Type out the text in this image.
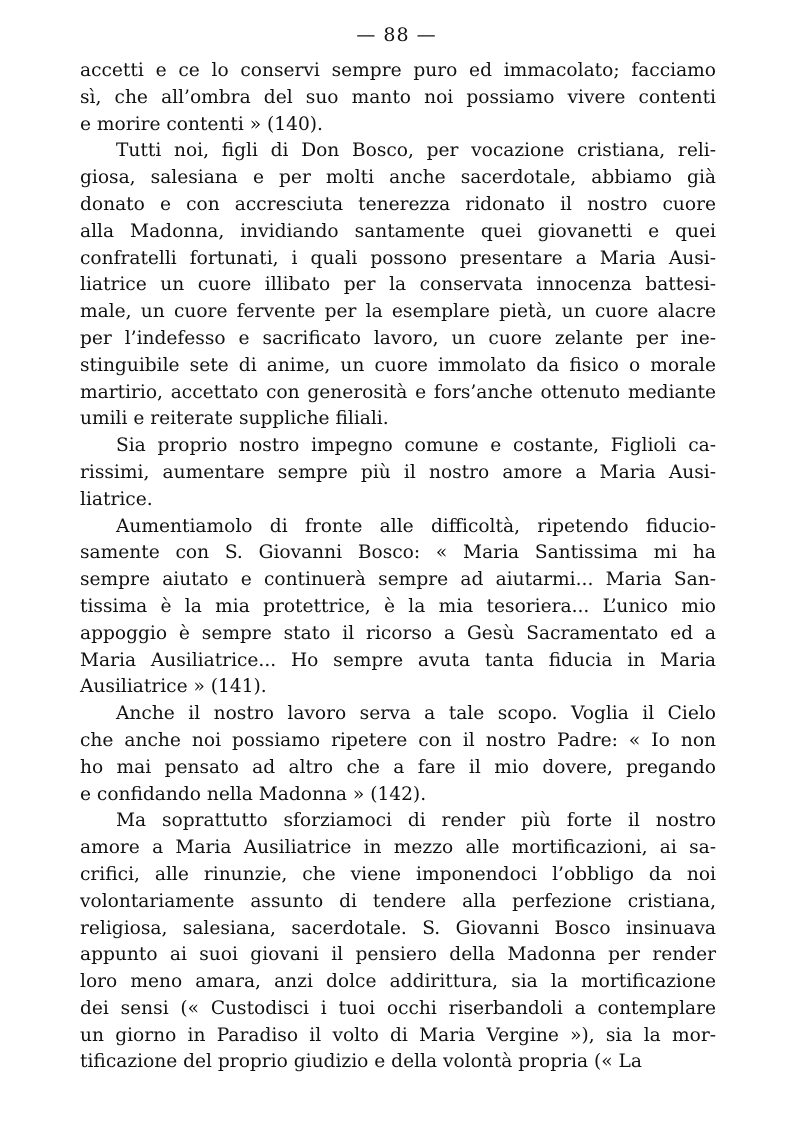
— 88 —
accetti e ce lo conservi sempre puro ed immacolato; facciamo
sì, che all’ombra del suo manto noi possiamo vivere contenti
e morire contenti » (140).
Tutti noi, figli di Don Bosco, per vocazione cristiana, reli-
giosa, salesiana e per molti anche sacerdotale, abbiamo già
donato e con accresciuta tenerezza ridonato il nostro cuore
alla Madonna, invidiando santamente quei giovanetti e quei
confratelli fortunati, i quali possono presentare a Maria Ausi-
liatrice un cuore illibato per la conservata innocenza battesi-
male, un cuore fervente per la esemplare pietà, un cuore alacre
per l’indefesso e sacrificato lavoro, un cuore zelante per ine-
stinguibile sete di anime, un cuore immolato da fisico o morale
martirio, accettato con generosità e fors’anche ottenuto mediante
umili e reiterate suppliche filiali.
Sia proprio nostro impegno comune e costante, Figlioli ca-
rissimi, aumentare sempre più il nostro amore a Maria Ausi-
liatrice.
Aumentiamolo di fronte alle difficoltà, ripetendo fiducio-
samente con S. Giovanni Bosco: « Maria Santissima mi ha
sempre aiutato e continuerà sempre ad aiutarmi... Maria San-
tissima è la mia protettrice, è la mia tesoriera... L’unico mio
appoggio è sempre stato il ricorso a Gesù Sacramentato ed a
Maria Ausiliatrice... Ho sempre avuta tanta fiducia in Maria
Ausiliatrice » (141).
Anche il nostro lavoro serva a tale scopo. Voglia il Cielo
che anche noi possiamo ripetere con il nostro Padre: « Io non
ho mai pensato ad altro che a fare il mio dovere, pregando
e confidando nella Madonna » (142).
Ma soprattutto sforziamoci di render più forte il nostro
amore a Maria Ausiliatrice in mezzo alle mortificazioni, ai sa-
crifici, alle rinunzie, che viene imponendoci l’obbligo da noi
volontariamente assunto di tendere alla perfezione cristiana,
religiosa, salesiana, sacerdotale. S. Giovanni Bosco insinuava
appunto ai suoi giovani il pensiero della Madonna per render
loro meno amara, anzi dolce addirittura, sia la mortificazione
dei sensi (« Custodisci i tuoi occhi riserbandoli a contemplare
un giorno in Paradiso il volto di Maria Vergine »), sia la mor-
tificazione del proprio giudizio e della volontà propria (« La
